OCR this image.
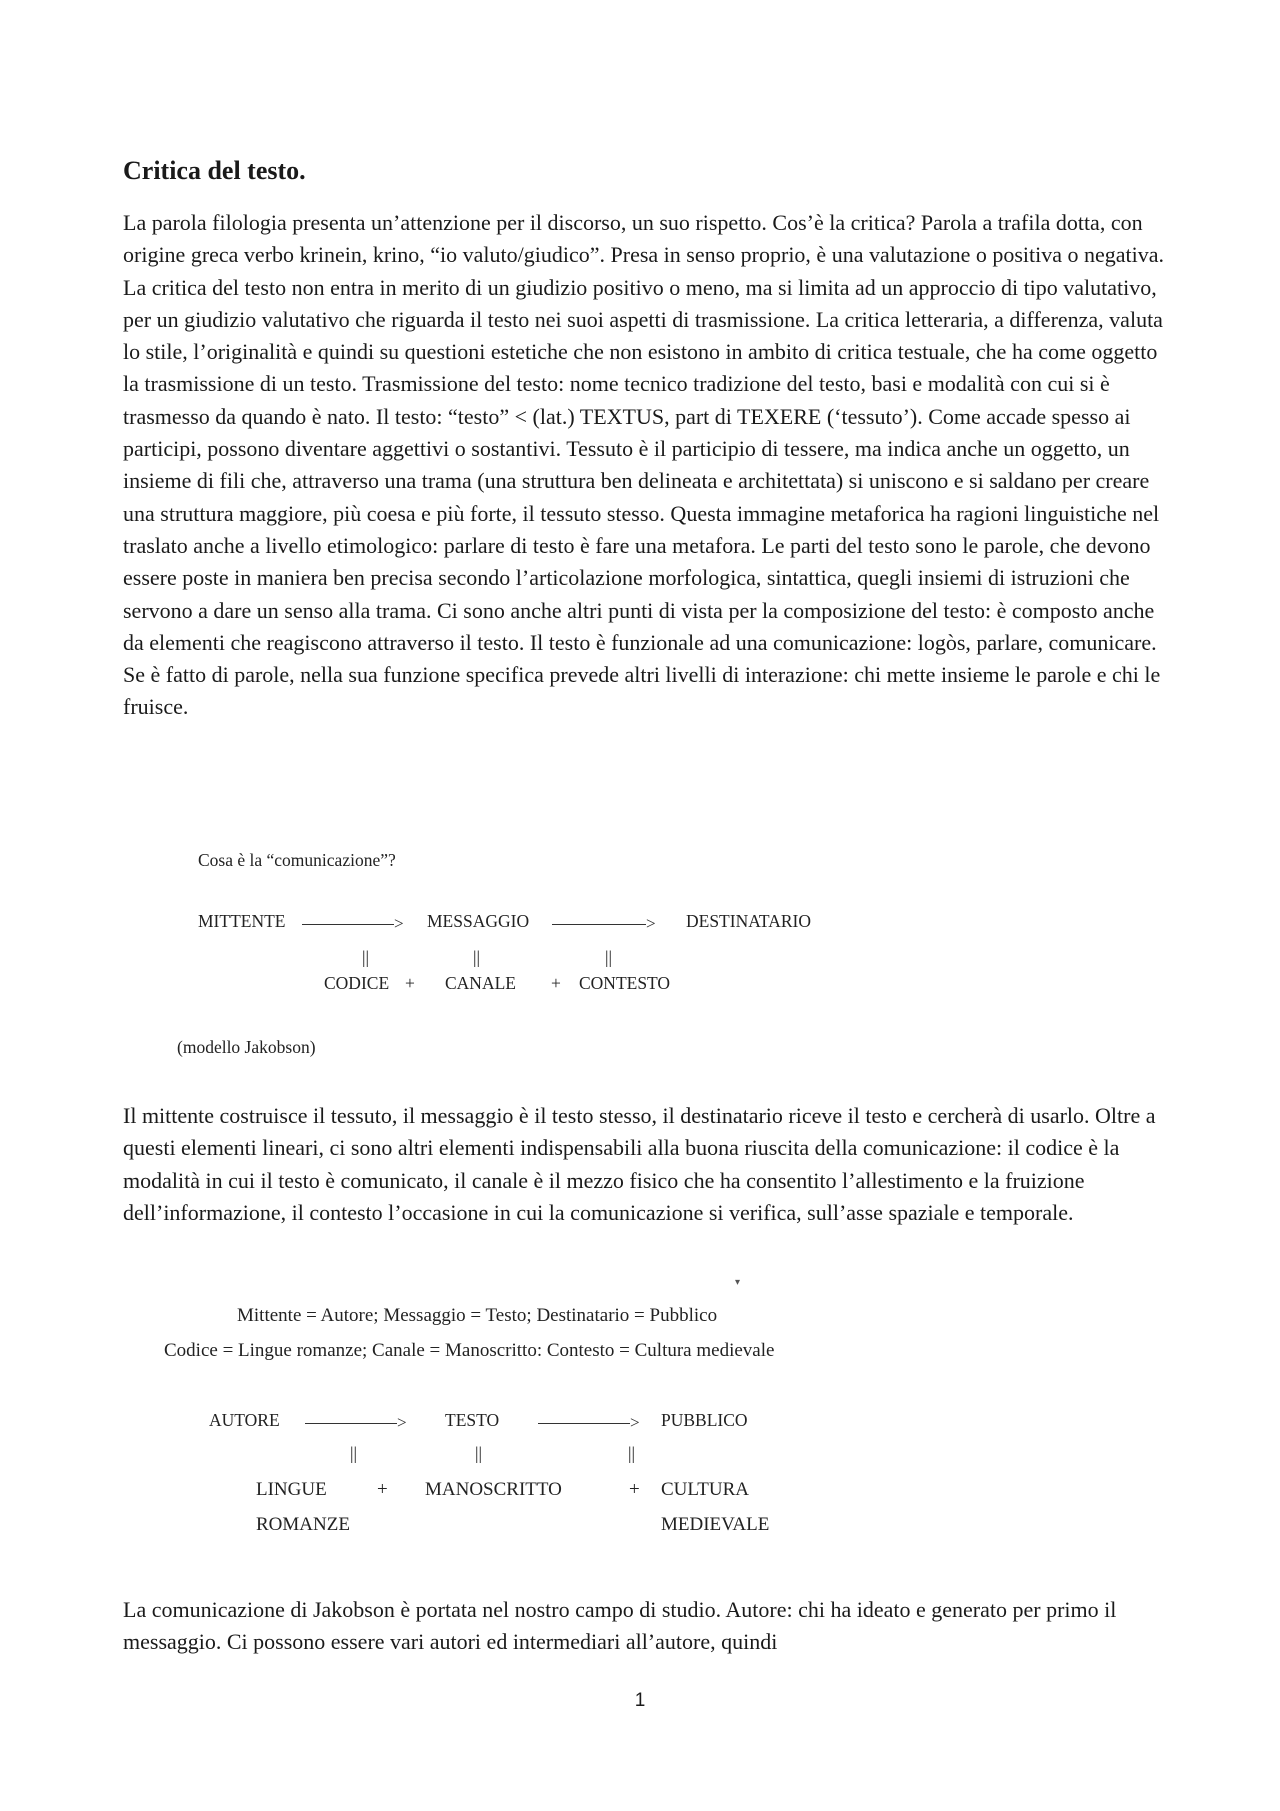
Critica del testo.

La parola filologia presenta un’attenzione per il discorso, un suo rispetto. Cos’è la critica? Parola a trafila dotta, con origine greca verbo krinein, krino, “io valuto/giudico”. Presa in senso proprio, è una valutazione o positiva o negativa. La critica del testo non entra in merito di un giudizio positivo o meno, ma si limita ad un approccio di tipo valutativo, per un giudizio valutativo che riguarda il testo nei suoi aspetti di trasmissione. La critica letteraria, a differenza, valuta lo stile, l’originalità e quindi su questioni estetiche che non esistono in ambito di critica testuale, che ha come oggetto la trasmissione di un testo. Trasmissione del testo: nome tecnico tradizione del testo, basi e modalità con cui si è trasmesso da quando è nato. Il testo: “testo” < (lat.) TEXTUS, part di TEXERE (‘tessuto’). Come accade spesso ai participi, possono diventare aggettivi o sostantivi. Tessuto è il participio di tessere, ma indica anche un oggetto, un insieme di fili che, attraverso una trama (una struttura ben delineata e architettata) si uniscono e si saldano per creare una struttura maggiore, più coesa e più forte, il tessuto stesso. Questa immagine metaforica ha ragioni linguistiche nel traslato anche a livello etimologico: parlare di testo è fare una metafora. Le parti del testo sono le parole, che devono essere poste in maniera ben precisa secondo l’articolazione morfologica, sintattica, quegli insiemi di istruzioni che servono a dare un senso alla trama. Ci sono anche altri punti di vista per la composizione del testo: è composto anche da elementi che reagiscono attraverso il testo. Il testo è funzionale ad una comunicazione: logòs, parlare, comunicare. Se è fatto di parole, nella sua funzione specifica prevede altri livelli di interazione: chi mette insieme le parole e chi le fruisce.

Cosa è la “comunicazione”?
MITTENTE	> MESSAGGIO	> DESTINATARIO
||	||	||
CODICE + CANALE + CONTESTO
(modello Jakobson)

Il mittente costruisce il tessuto, il messaggio è il testo stesso, il destinatario riceve il testo e cercherà di usarlo. Oltre a questi elementi lineari, ci sono altri elementi indispensabili alla buona riuscita della comunicazione: il codice è la modalità in cui il testo è comunicato, il canale è il mezzo fisico che ha consentito l’allestimento e la fruizione dell’informazione, il contesto l’occasione in cui la comunicazione si verifica, sull’asse spaziale e temporale.

▾
Mittente = Autore; Messaggio = Testo; Destinatario = Pubblico
Codice = Lingue romanze; Canale = Manoscritto: Contesto = Cultura medievale
AUTORE	> TESTO	> PUBBLICO
||	||	||
LINGUE	+ MANOSCRITTO	+ CULTURA
ROMANZE	MEDIEVALE

La comunicazione di Jakobson è portata nel nostro campo di studio. Autore: chi ha ideato e generato per primo il messaggio. Ci possono essere vari autori ed intermediari all’autore, quindi

1
